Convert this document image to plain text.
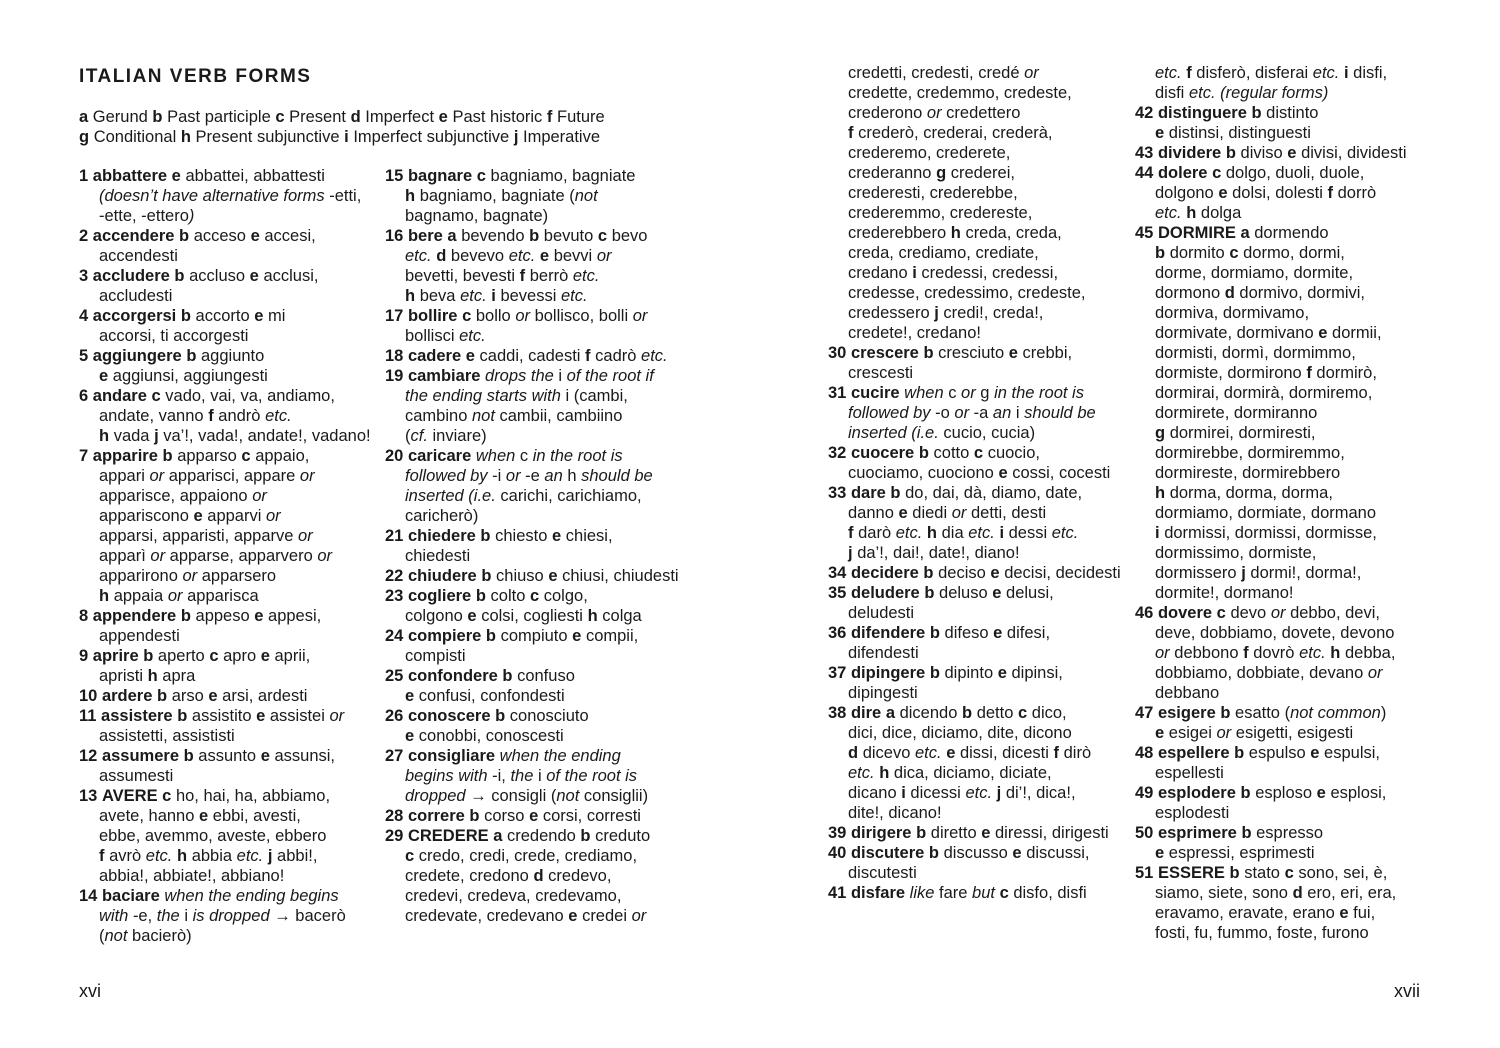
ITALIAN VERB FORMS
a Gerund b Past participle c Present d Imperfect e Past historic f Future
g Conditional h Present subjunctive i Imperfect subjunctive j Imperative
1 abbattere e abbattei, abbattesti (doesn’t have alternative forms -etti, -ette, -ettero)
2 accendere b acceso e accesi, accendesti
3 accludere b accluso e acclusi, accludesti
4 accorgersi b accorto e mi accorsi, ti accorgesti
5 aggiungere b aggiunto e aggiunsi, aggiungesti
6 andare c vado, vai, va, andiamo, andate, vanno f andrò etc. h vada j va’!, vada!, andate!, vadano!
7 apparire b apparso c appaio, appari or apparisci, appare or apparisce, appaiono or appariscono e apparvi or apparsi, apparisti, apparve or apparì or apparse, apparvero or apparirono or apparsero h appaia or apparisca
8 appendere b appeso e appesi, appendesti
9 aprire b aperto c apro e aprii, apristi h apra
10 ardere b arso e arsi, ardesti
11 assistere b assistito e assistei or assistetti, assististi
12 assumere b assunto e assunsi, assumesti
13 AVERE c ho, hai, ha, abbiamo, avete, hanno e ebbi, avesti, ebbe, avemmo, aveste, ebbero f avrò etc. h abbia etc. j abbi!, abbia!, abbiate!, abbiano!
14 baciare when the ending begins with -e, the i is dropped → bacerò (not bacierò)
15 bagnare c bagniamo, bagniate h bagniamo, bagniate (not bagnamo, bagnate)
16 bere a bevendo b bevuto c bevo etc. d bevevo etc. e bevvi or bevetti, bevesti f berrò etc. h beva etc. i bevessi etc.
17 bollire c bollo or bollisco, bolli or bollisci etc.
18 cadere e caddi, cadesti f cadrò etc.
19 cambiare drops the i of the root if the ending starts with i (cambi, cambino not cambii, cambiino (cf. inviare)
20 caricare when c in the root is followed by -i or -e an h should be inserted (i.e. carichi, carichiamo, caricherò)
21 chiedere b chiesto e chiesi, chiedesti
22 chiudere b chiuso e chiusi, chiudesti
23 cogliere b colto c colgo, colgono e colsi, cogliesti h colga
24 compiere b compiuto e compii, compisti
25 confondere b confuso e confusi, confondesti
26 conoscere b conosciuto e conobbi, conoscesti
27 consigliare when the ending begins with -i, the i of the root is dropped → consigli (not consiglii)
28 correre b corso e corsi, corresti
29 CREDERE a credendo b creduto c credo, credi, crede, crediamo, credete, credono d credevo, credevi, credeva, credevamo, credevate, credevano e credei or
xvi
credetti, credesti, credé or credette, credemmo, credeste, crederono or credettero f crederò, crederai, crederà, crederemo, crederete, crederanno g crederei, crederesti, crederebbe, crederemmo, credereste, crederebbero h creda, creda, creda, crediamo, crediate, credano i credessi, credessi, credesse, credessimo, credeste, credessero j credi!, creda!, credete!, credano!
30 crescere b cresciuto e crebbi, crescesti
31 cucire when c or g in the root is followed by -o or -a an i should be inserted (i.e. cucio, cucia)
32 cuocere b cotto c cuocio, cuociamo, cuociono e cossi, cocesti
33 dare b do, dai, dà, diamo, date, danno e diedi or detti, desti f darò etc. h dia etc. i dessi etc. j da’!, dai!, date!, diano!
34 decidere b deciso e decisi, decidesti
35 deludere b deluso e delusi, deludesti
36 difendere b difeso e difesi, difendesti
37 dipingere b dipinto e dipinsi, dipingesti
38 dire a dicendo b detto c dico, dici, dice, diciamo, dite, dicono d dicevo etc. e dissi, dicesti f dirò etc. h dica, diciamo, diciate, dicano i dicessi etc. j di’!, dica!, dite!, dicano!
39 dirigere b diretto e diressi, dirigesti
40 discutere b discusso e discussi, discutesti
41 disfare like fare but c disfo, disfi
etc. f disferò, disferai etc. i disfi, disfi etc. (regular forms)
42 distinguere b distinto e distinsi, distinguesti
43 dividere b diviso e divisi, dividesti
44 dolere c dolgo, duoli, duole, dolgono e dolsi, dolesti f dorrò etc. h dolga
45 DORMIRE a dormendo b dormito c dormo, dormi, dorme, dormiamo, dormite, dormono d dormivo, dormivi, dormiva, dormivamo, dormivate, dormivano e dormii, dormisti, dormì, dormimmo, dormiste, dormirono f dormirò, dormirai, dormirà, dormiremo, dormirete, dormiranno g dormirei, dormiresti, dormirebbe, dormiremmo, dormireste, dormirebbero h dorma, dorma, dorma, dormiamo, dormiate, dormano i dormissi, dormissi, dormisse, dormissimo, dormiste, dormissero j dormi!, dorma!, dormite!, dormano!
46 dovere c devo or debbo, devi, deve, dobbiamo, dovete, devono or debbono f dovrò etc. h debba, dobbiamo, dobbiate, devano or debbano
47 esigere b esatto (not common) e esigei or esigetti, esigesti
48 espellere b espulso e espulsi, espellesti
49 esplodere b esploso e esplosi, esplodesti
50 esprimere b espresso e espressi, esprimesti
51 ESSERE b stato c sono, sei, è, siamo, siete, sono d ero, eri, era, eravamo, eravate, erano e fui, fosti, fu, fummo, foste, furono
xvii
